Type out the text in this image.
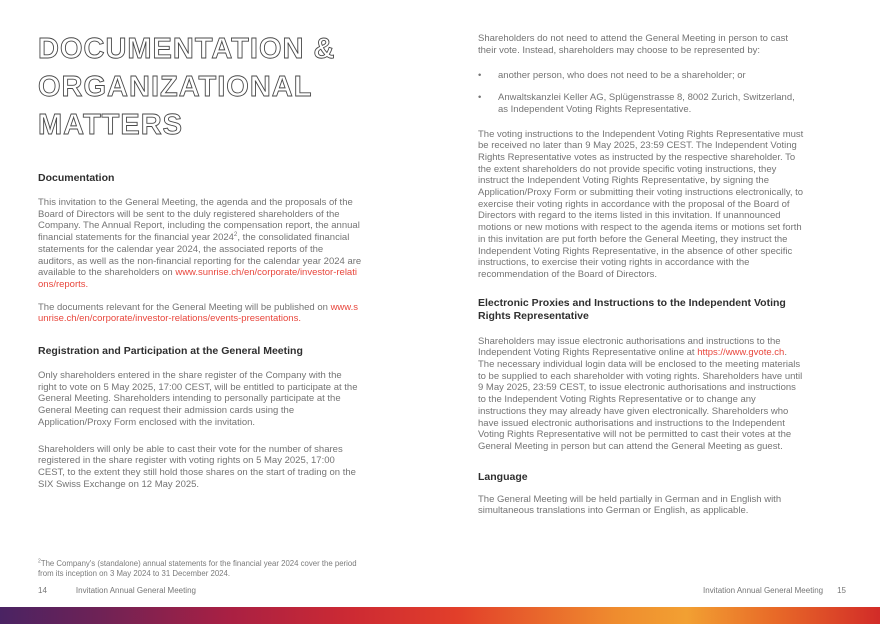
DOCUMENTATION &
ORGANIZATIONAL
MATTERS
Documentation

This invitation to the General Meeting, the agenda and the proposals of the Board of Directors will be sent to the duly registered shareholders of the Company. The Annual Report, including the compensation report, the annual financial statements for the financial year 2024$^2$, the consolidated financial statements for the calendar year 2024, the associated reports of the auditors, as well as the non-financial reporting for the calendar year 2024 are available to the shareholders on www.sunrise.ch/en/corporate/investor-relations/reports.

The documents relevant for the General Meeting will be published on www.sunrise.ch/en/corporate/investor-relations/events-presentations.

Registration and Participation at the General Meeting

Only shareholders entered in the share register of the Company with the right to vote on 5 May 2025, 17:00 CEST, will be entitled to participate at the General Meeting. Shareholders intending to personally participate at the General Meeting can request their admission cards using the Application/Proxy Form enclosed with the invitation.

Shareholders will only be able to cast their vote for the number of shares registered in the share register with voting rights on 5 May 2025, 17:00 CEST, to the extent they still hold those shares on the start of trading on the SIX Swiss Exchange on 12 May 2025.

Shareholders do not need to attend the General Meeting in person to cast their vote. Instead, shareholders may choose to be represented by:

•	another person, who does not need to be a shareholder; or
•	Anwaltskanzlei Keller AG, Splügenstrasse 8, 8002 Zurich, Switzerland, as Independent Voting Rights Representative.

The voting instructions to the Independent Voting Rights Representative must be received no later than 9 May 2025, 23:59 CEST. The Independent Voting Rights Representative votes as instructed by the respective shareholder. To the extent shareholders do not provide specific voting instructions, they instruct the Independent Voting Rights Representative, by signing the Application/Proxy Form or submitting their voting instructions electronically, to exercise their voting rights in accordance with the proposal of the Board of Directors with regard to the items listed in this invitation. If unannounced motions or new motions with respect to the agenda items or motions set forth in this invitation are put forth before the General Meeting, they instruct the Independent Voting Rights Representative, in the absence of other specific instructions, to exercise their voting rights in accordance with the recommendation of the Board of Directors.

Electronic Proxies and Instructions to the Independent Voting Rights Representative

Shareholders may issue electronic authorisations and instructions to the Independent Voting Rights Representative online at https://www.gvote.ch. The necessary individual login data will be enclosed to the meeting materials to be supplied to each shareholder with voting rights. Shareholders have until 9 May 2025, 23:59 CEST, to issue electronic authorisations and instructions to the Independent Voting Rights Representative or to change any instructions they may already have given electronically. Shareholders who have issued electronic authorisations and instructions to the Independent Voting Rights Representative will not be permitted to cast their votes at the General Meeting in person but can attend the General Meeting as guest.

Language

The General Meeting will be held partially in German and in English with simultaneous translations into German or English, as applicable.

$^2$The Company's (standalone) annual statements for the financial year 2024 cover the period from its inception on 3 May 2024 to 31 December 2024.
14	Invitation Annual General Meeting	Invitation Annual General Meeting 15
